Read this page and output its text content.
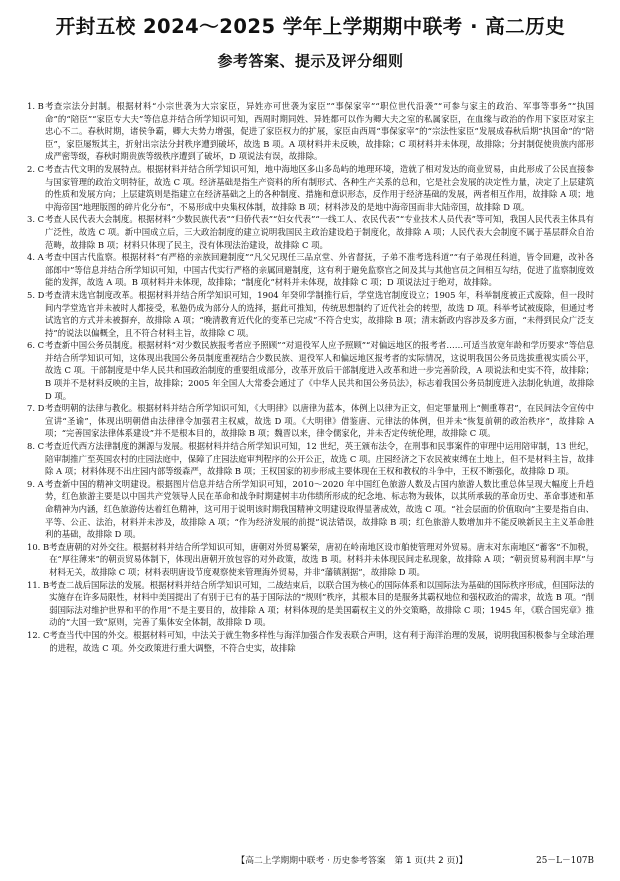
开封五校 2024～2025 学年上学期期中联考 · 高二历史
参考答案、提示及评分细则
1. B 考查宗法分封制。根据材料“小宗世袭为大宗家臣，异姓亦可世袭为家臣”“事保家宰”“职位世代沿袭”“可参与家主的政治、军事等事务”“执国命”的“陪臣”“家臣专大夫”等信息并结合所学知识可知，西周时期同姓、异姓都可以作为卿大夫之室的私属家臣，在血缘与政治的作用下家臣对家主忠心不二。春秋时期，诸侯争霸，卿大夫势力增强，促进了家臣权力的扩展，家臣由西周“事保家宰”的“宗法性家臣”发展成春秋后期“执国命”的“陪臣”，家臣屡叛其主，折射出宗法分封秩序遭到破坏，故选 B 项。A 项材料并未反映，故排除；C 项材料并未体现，故排除；分封制促使贵族内部形成严密等级，春秋时期贵族等级秩序遭到了破坏，D 项说法有误，故排除。
2. C 考查古代文明的发展特点。根据材料并结合所学知识可知，地中海地区多山多岛屿的地理环境，造就了相对发达的商业贸易，由此形成了公民直接参与国家管理的政治文明特征，故选 C 项。经济基础是指生产资料的所有制形式、各种生产关系的总和，它是社会发展的决定性力量，决定了上层建筑的性质和发展方向；上层建筑则是指建立在经济基础之上的各种制度、措施和意识形态，反作用于经济基础的发展，两者相互作用，故排除 A 项；地中海帝国“地理版图的碎片化分布”，不易形成中央集权体制，故排除 B 项；材料涉及的是地中海帝国而非大陆帝国，故排除 D 项。
3. C 考查人民代表大会制度。根据材料“少数民族代表”“归侨代表”“妇女代表”“一线工人、农民代表”“专业技术人员代表”等可知，我国人民代表主体具有广泛性，故选 C 项。新中国成立后，三大政治制度的建立说明我国民主政治建设趋于制度化，故排除 A 项；人民代表大会制度不属于基层群众自治范畴，故排除 B 项；材料只体现了民主，没有体现法治建设，故排除 C 项。
4. A 考查中国古代监察。根据材料“有严格的亲族回避制度”“凡父兄现任三品京堂、外省督抚，子弟不准考选科道”“有子弟现任科道，皆令回避，改补各部郎中”等信息并结合所学知识可知，中国古代实行严格的亲属回避制度，这有利于避免监察官之间及其与其他官员之间相互勾结，促进了监察制度效能的发挥，故选 A 项。B 项材料并未体现，故排除；“制度化”材料并未体现，故排除 C 项；D 项说法过于绝对，故排除。
5. D 考查清末选官制度改革。根据材料并结合所学知识可知，1904 年癸卯学制推行后，学堂选官制度设立；1905 年，科举制度被正式废除，但一段时间内学堂选官并未被时人都接受，私塾仍成为部分人的选择，据此可推知，传统思想制约了近代社会的转型，故选 D 项。科举考试被废除，但通过考试选官的方式并未被摒弃，故排除 A 项；“晚清教育近代化的变革已完成”不符合史实，故排除 B 项；清末新政内容涉及多方面，“未得到民众广泛支持”的说法以偏概全，且不符合材料主旨，故排除 C 项。
6. C 考查新中国公务员制度。根据材料“对少数民族报考者应予照顾”“对退役军人应予照顾”“对偏远地区的报考者……可适当放宽年龄和学历要求”等信息并结合所学知识可知，这体现出我国公务员制度重视结合少数民族、退役军人和偏远地区报考者的实际情况，这说明我国公务员选拔重视实质公平，故选 C 项。干部制度是中华人民共和国政治制度的重要组成部分，改革开放后干部制度进入改革和进一步完善阶段，A 项说法和史实不符，故排除；B 项并不是材料反映的主旨，故排除；2005 年全国人大常委会通过了《中华人民共和国公务员法》，标志着我国公务员制度进入法制化轨道，故排除 D 项。
7. D 考查明朝的法律与教化。根据材料并结合所学知识可知，《大明律》以唐律为蓝本，体例上以律为正文，但定罪量刑上“侧重尊君”，在民间法令宣传中宣讲“圣谕”，体现出明朝借由法律律令加强君主权威，故选 D 项。《大明律》借鉴唐、元律法的体例，但并未“恢复前朝的政治秩序”，故排除 A 项；“完善国家法律体系建设”并不是根本目的，故排除 B 项；魏晋以来，律令儒家化，并未否定传统伦理，故排除 C 项。
8. C 考查近代西方法律制度的渊源与发展。根据材料并结合所学知识可知，12 世纪，英王颁布法令，在刑事和民事案件的审理中运用陪审制，13 世纪，陪审制推广至英国农村的庄园法庭中，保障了庄园法庭审判程序的公开公正，故选 C 项。庄园经济之下农民被束缚在土地上，但不是材料主旨，故排除 A 项；材料体现不出庄园内部等级森严，故排除 B 项；王权国家的初步形成主要体现在王权和教权的斗争中，王权不断强化，故排除 D 项。
9. A 考查新中国的精神文明建设。根据图片信息并结合所学知识可知，2010～2020 年中国红色旅游人数及占国内旅游人数比重总体呈现大幅度上升趋势，红色旅游主要是以中国共产党领导人民在革命和战争时期建树丰功伟绩所形成的纪念地、标志物为载体，以其所承载的革命历史、革命事迹和革命精神为内涵，红色旅游传达着红色精神，这可用于说明该时期我国精神文明建设取得显著成效，故选 C 项。“社会层面的价值取向”主要是指自由、平等、公正、法治，材料并未涉及，故排除 A 项；“作为经济发展的前提”说法错误，故排除 B 项；红色旅游人数增加并不能反映新民主主义革命胜利的基础，故排除 D 项。
10. B 考查唐朝的对外交往。根据材料并结合所学知识可知，唐朝对外贸易繁荣，唐初在岭南地区设市舶使管理对外贸易。唐末对东南地区“蓄客”不加税，在“厚往薄来”的朝贡贸易体制下，体现出唐朝开放包容的对外政策，故选 B 项。材料并未体现民间走私现象，故排除 A 项；“朝贡贸易利润丰厚”与材料无关，故排除 C 项；材料表明唐设节度观察使来管理海外贸易，并非“藩镇割据”，故排除 D 项。
11. B 考查二战后国际法的发展。根据材料并结合所学知识可知，二战结束后，以联合国为核心的国际体系和以国际法为基础的国际秩序形成，但国际法的实施存在许多局限性，材料中美国提出了有别于已有的基于国际法的“规则”秩序，其根本目的是服务其霸权地位和强权政治的需求，故选 B 项。“削弱国际法对维护世界和平的作用”不是主要目的，故排除 A 项；材料体现的是美国霸权主义的外交策略，故排除 C 项；1945 年，《联合国宪章》推动的“大国一致”原则，完善了集体安全体制，故排除 D 项。
12. C 考查当代中国的外交。根据材料可知，中法关于就生物多样性与海洋加强合作发表联合声明，这有利于海洋治理的发展，说明我国积极参与全球治理的进程，故选 C 项。外交政策进行重大调整，不符合史实，故排除
【高二上学期期中联考 · 历史参考答案　第 1 页(共 2 页)】	25－L－107B
